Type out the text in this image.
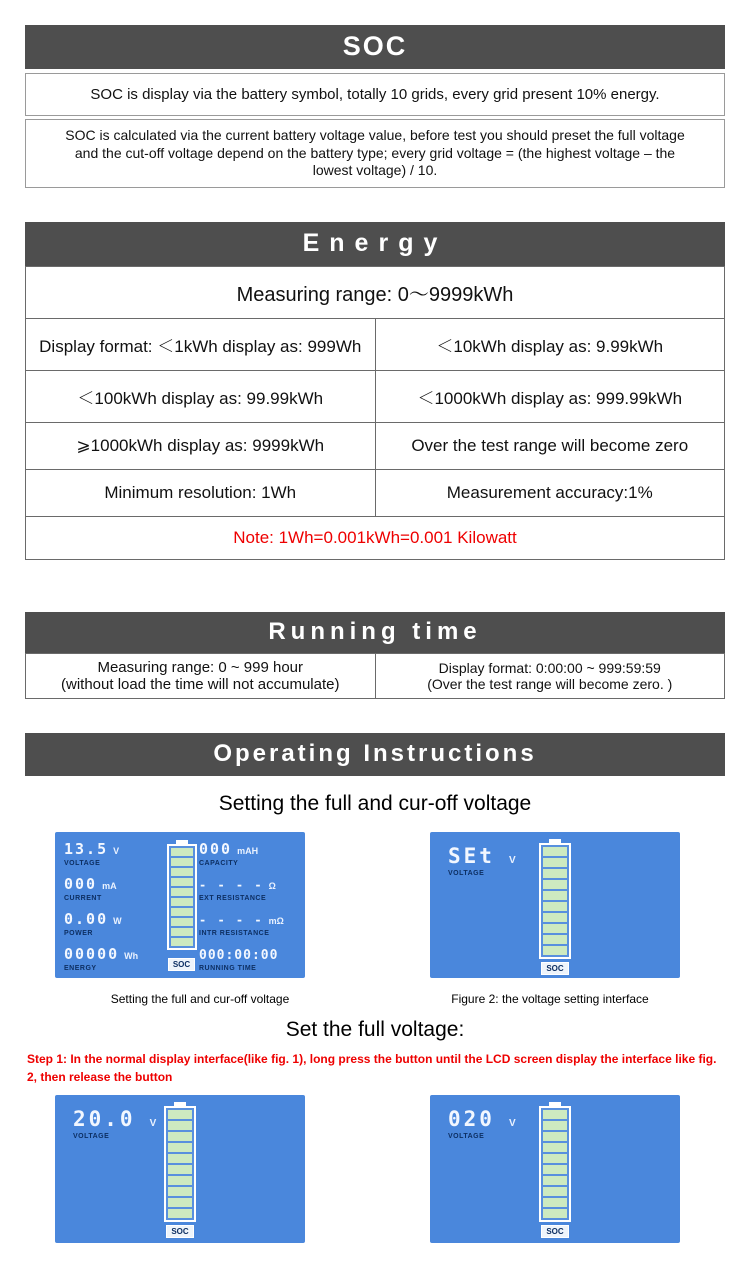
SOC
SOC is display via the battery symbol, totally 10 grids, every grid present 10% energy.
SOC is calculated via the current battery voltage value, before test you should preset the full voltage and the cut-off voltage depend on the battery type; every grid voltage = (the highest voltage – the lowest voltage) / 10.
Energy
Measuring range: 0～9999kWh	
Display format: ＜1kWh display as: 999Wh	＜10kWh display as: 9.99kWh
＜100kWh display as: 99.99kWh	＜1000kWh display as: 999.99kWh
⩾1000kWh display as: 9999kWh	Over the test range will become zero
Minimum resolution: 1Wh	Measurement accuracy:1%
Note: 1Wh=0.001kWh=0.001 Kilowatt	
Running time
Measuring range: 0 ~ 999 hour
(without load the time will not accumulate)

Display format: 0:00:00 ~ 999:59:59
(Over the test range will become zero. )
Operating Instructions
Setting the full and cur-off voltage
13.5 V
VOLTAGE
000 mA
CURRENT
0.00 W
POWER
00000 Wh
ENERGY	SOC
000 mAH
CAPACITY
- - - - Ω
EXT RESISTANCE
- - - - mΩ
INTR RESISTANCE
000:00:00
RUNNING TIME
SEt V
VOLTAGE
SOC
Setting the full and cur-off voltage	Figure 2: the voltage setting interface
Set the full voltage:
Step 1: In the normal display interface(like fig. 1), long press the button until the LCD screen display the interface like fig. 2, then release the button
20.0 V
VOLTAGE
SOC
020 V
VOLTAGE
SOC
